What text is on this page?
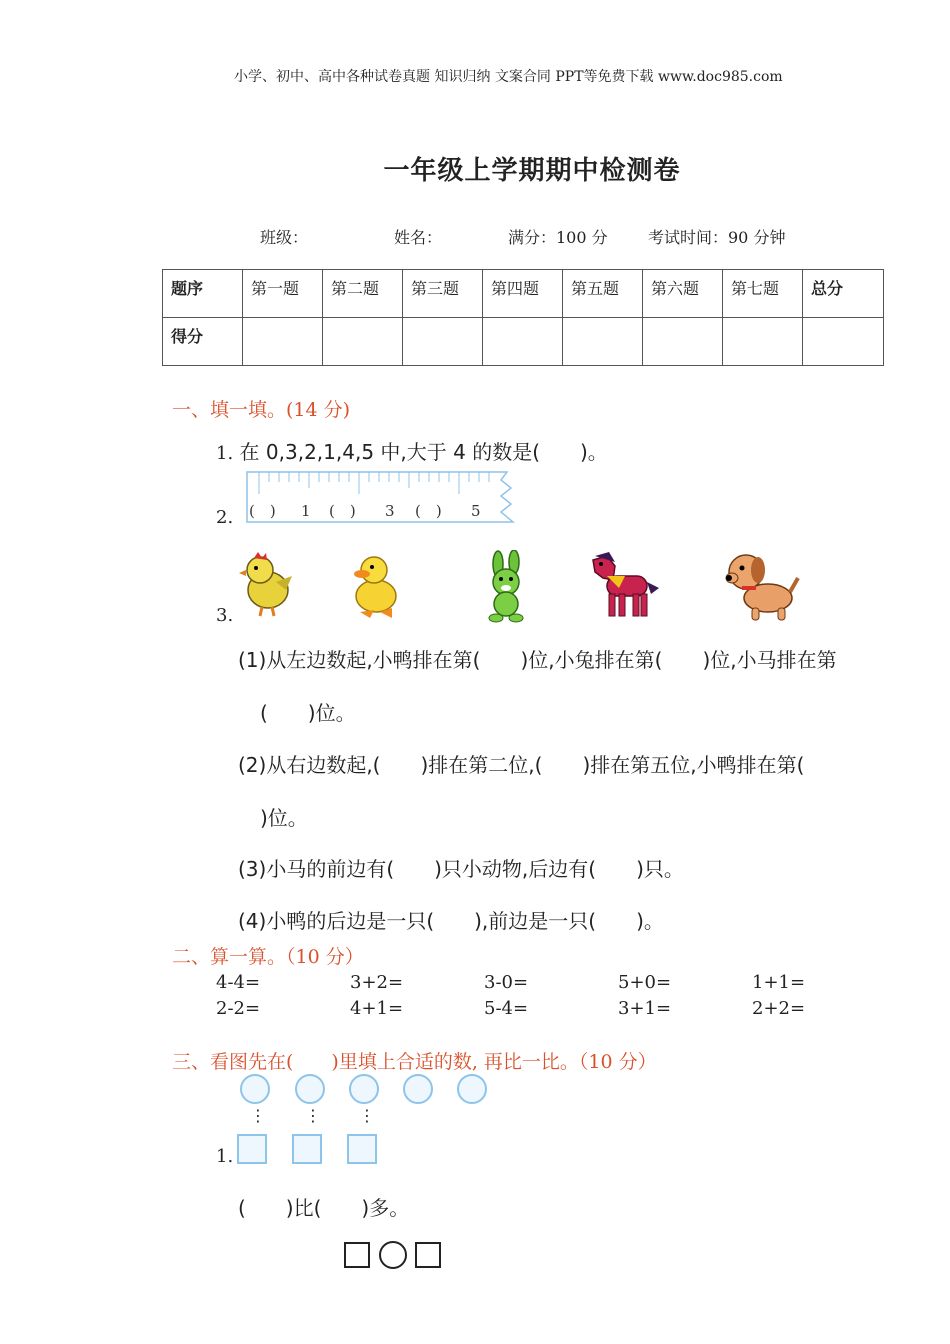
小学、初中、高中各种试卷真题 知识归纳 文案合同 PPT等免费下载 www.doc985.com
一年级上学期期中检测卷
班级：	姓名：	满分：100 分	考试时间：90 分钟
题序	第一题	第二题	第三题	第四题	第五题	第六题	第七题	总分
得分								
一、填一填。(14 分)
1. 在 0,3,2,1,4,5 中,大于 4 的数是(　　)。
2. (　) 1 (　) 3 (　) 5
3.
(1)从左边数起,小鸭排在第(　　)位,小兔排在第(　　)位,小马排在第
(　　)位。
(2)从右边数起,(　　)排在第二位,(　　)排在第五位,小鸭排在第(
)位。
(3)小马的前边有(　　)只小动物,后边有(　　)只。
(4)小鸭的后边是一只(　　),前边是一只(　　)。
二、算一算。（10 分）
4-4=	3+2=	3-0=	5+0=	1+1=
2-2=	4+1=	5-4=	3+1=	2+2=
三、看图先在(　　)里填上合适的数, 再比一比。（10 分）
⋮ ⋮ ⋮
1.
(　　)比(　　)多。
